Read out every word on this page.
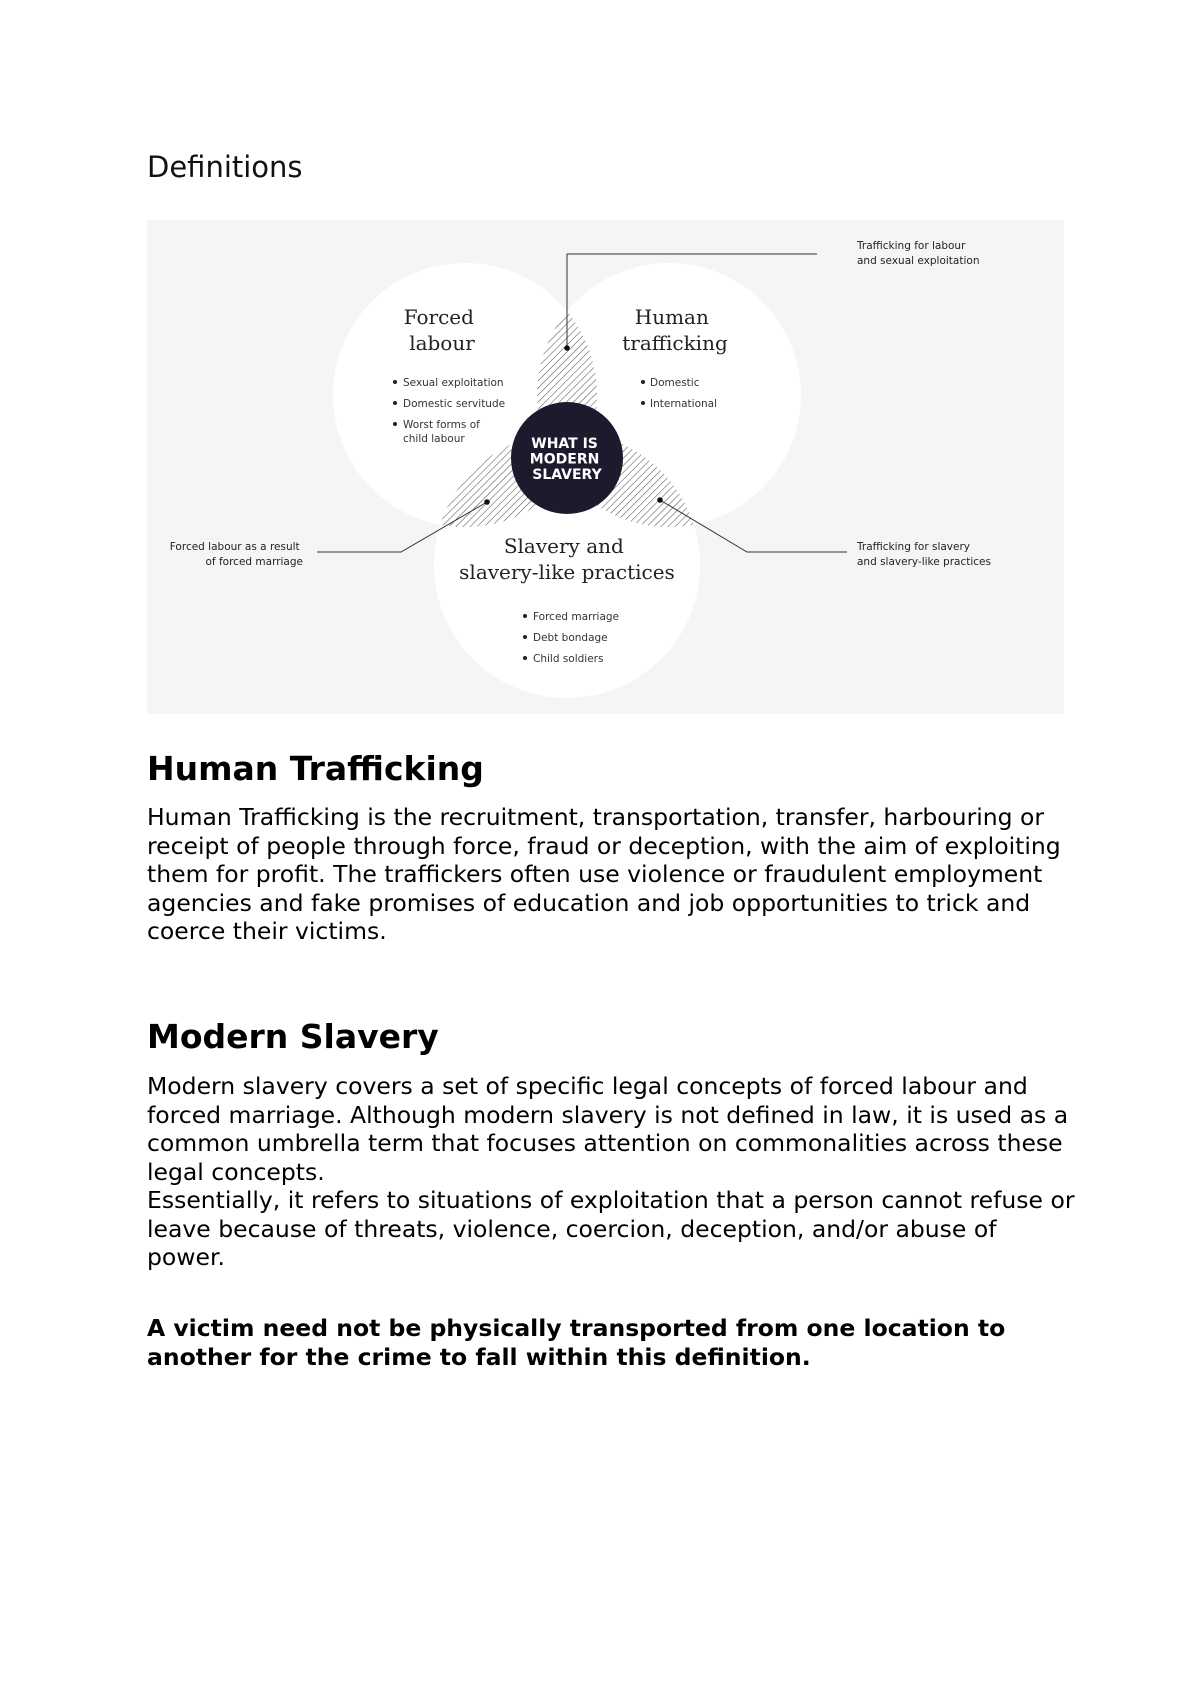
Definitions
WHAT IS MODERN SLAVERY
Forced labour
Human trafficking
Slavery and slavery-like practices
Sexual exploitation
Domestic servitude
Worst forms of
child labour
Domestic
International
Forced marriage
Debt bondage
Child soldiers
Trafficking for labour and sexual exploitation
Trafficking for slavery and slavery-like practices
Forced labour as a result of forced marriage
Human Trafficking

Human Trafficking is the recruitment, transportation, transfer, harbouring or receipt of people through force, fraud or deception, with the aim of exploiting them for profit. The traffickers often use violence or fraudulent employment agencies and fake promises of education and job opportunities to trick and coerce their victims.

Modern Slavery

Modern slavery covers a set of specific legal concepts of forced labour and forced marriage. Although modern slavery is not defined in law, it is used as a common umbrella term that focuses attention on commonalities across these legal concepts.

Essentially, it refers to situations of exploitation that a person cannot refuse or leave because of threats, violence, coercion, deception, and/or abuse of power.

A victim need not be physically transported from one location to another for the crime to fall within this definition.
